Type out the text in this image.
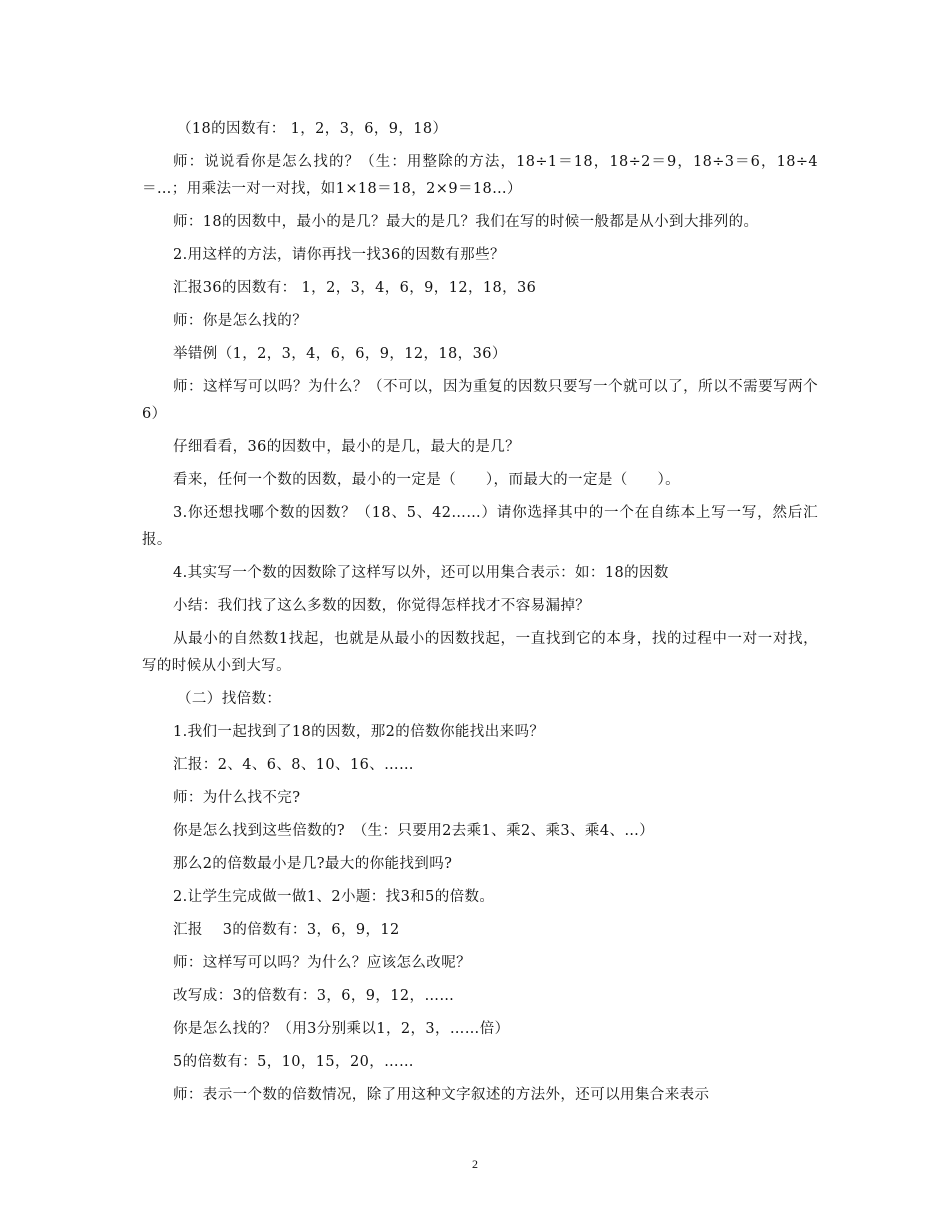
（18的因数有： 1，2，3，6，9，18）

师：说说看你是怎么找的？（生：用整除的方法，18÷1＝18，18÷2＝9，18÷3＝6，18÷4＝…；用乘法一对一对找，如1×18＝18，2×9＝18…）

师：18的因数中，最小的是几？最大的是几？我们在写的时候一般都是从小到大排列的。

2.用这样的方法，请你再找一找36的因数有那些？

汇报36的因数有： 1，2，3，4，6，9，12，18，36

师：你是怎么找的？

举错例（1，2，3，4，6，6，9，12，18，36）

师：这样写可以吗？为什么？（不可以，因为重复的因数只要写一个就可以了，所以不需要写两个6）

仔细看看，36的因数中，最小的是几，最大的是几？

看来，任何一个数的因数，最小的一定是（　　），而最大的一定是（　　）。

3.你还想找哪个数的因数？（18、5、42……）请你选择其中的一个在自练本上写一写，然后汇报。

4.其实写一个数的因数除了这样写以外，还可以用集合表示：如：18的因数

小结：我们找了这么多数的因数，你觉得怎样找才不容易漏掉？

从最小的自然数1找起，也就是从最小的因数找起，一直找到它的本身，找的过程中一对一对找，写的时候从小到大写。

（二）找倍数：

1.我们一起找到了18的因数，那2的倍数你能找出来吗？

汇报：2、4、6、8、10、16、……

师：为什么找不完?

你是怎么找到这些倍数的?　（生：只要用2去乘1、乘2、乘3、乘4、…）

那么2的倍数最小是几?最大的你能找到吗?

2.让学生完成做一做1、2小题：找3和5的倍数。

汇报　 3的倍数有：3，6，9，12

师：这样写可以吗？为什么？应该怎么改呢？

改写成：3的倍数有：3，6，9，12，……

你是怎么找的？（用3分别乘以1，2，3，……倍）

5的倍数有：5，10，15，20，……

师：表示一个数的倍数情况，除了用这种文字叙述的方法外，还可以用集合来表示

2
